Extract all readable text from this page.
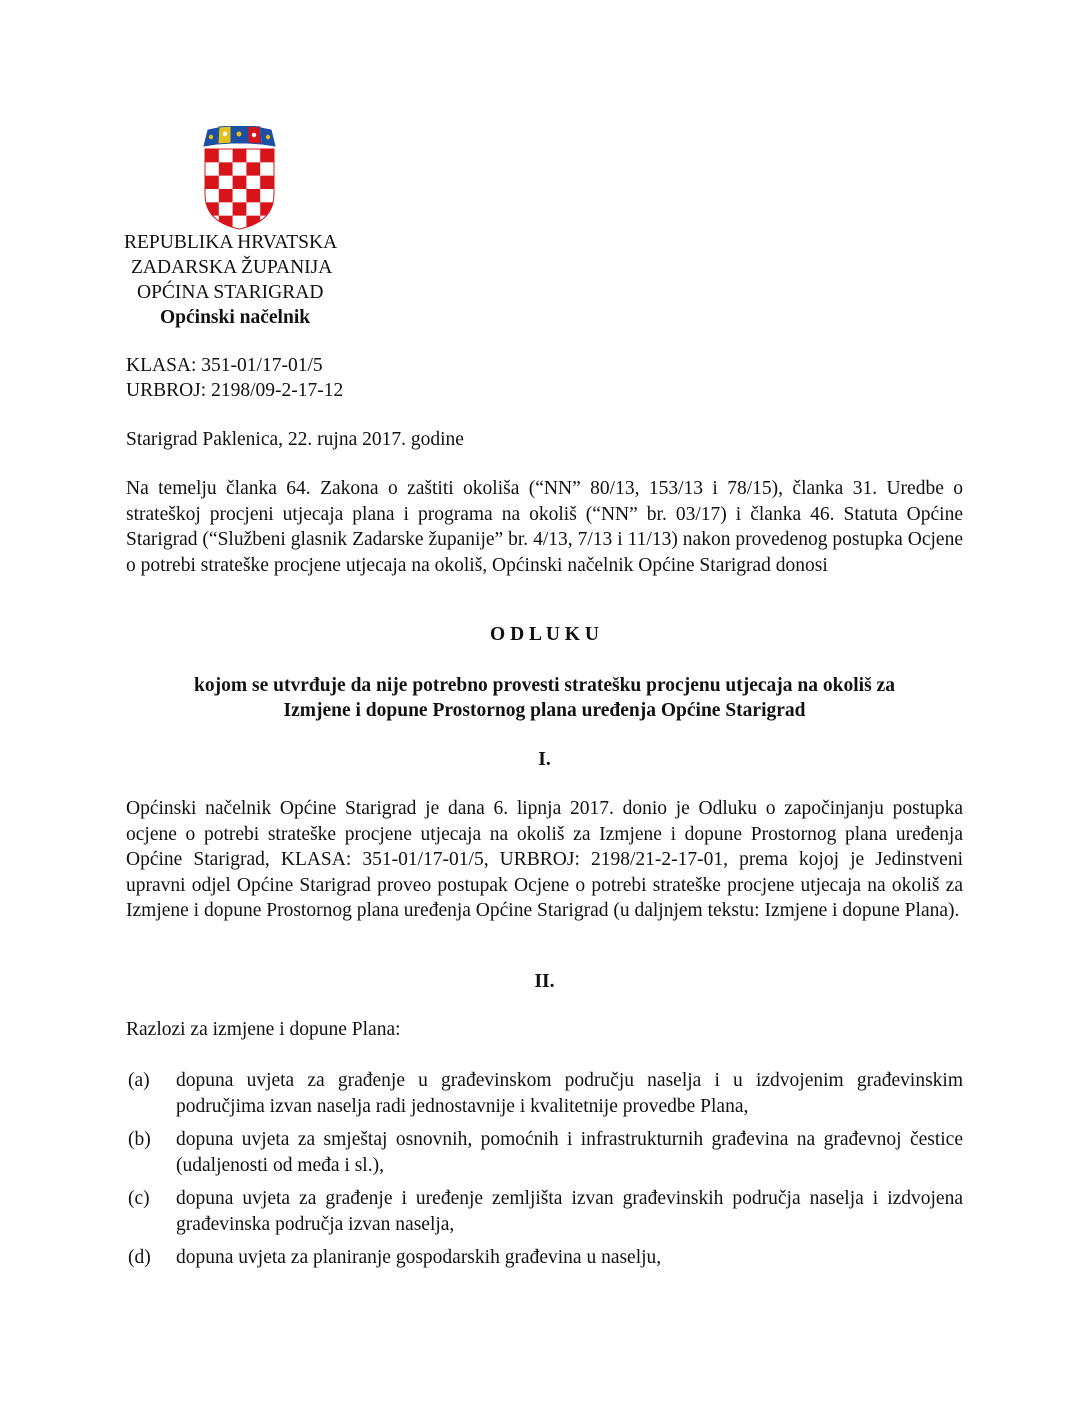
REPUBLIKA HRVATSKA
ZADARSKA ŽUPANIJA
OPĆINA STARIGRAD
Općinski načelnik
KLASA: 351-01/17-01/5
URBROJ: 2198/09-2-17-12
Starigrad Paklenica, 22. rujna 2017. godine
Na temelju članka 64. Zakona o zaštiti okoliša (“NN” 80/13, 153/13 i 78/15), članka 31. Uredbe o strateškoj procjeni utjecaja plana i programa na okoliš (“NN” br. 03/17) i članka 46. Statuta Općine Starigrad (“Službeni glasnik Zadarske županije” br. 4/13, 7/13 i 11/13) nakon provedenog postupka Ocjene o potrebi strateške procjene utjecaja na okoliš, Općinski načelnik Općine Starigrad donosi
O D L U K U
kojom se utvrđuje da nije potrebno provesti stratešku procjenu utjecaja na okoliš za
Izmjene i dopune Prostornog plana uređenja Općine Starigrad
I.
Općinski načelnik Općine Starigrad je dana 6. lipnja 2017. donio je Odluku o započinjanju postupka ocjene o potrebi strateške procjene utjecaja na okoliš za Izmjene i dopune Prostornog plana uređenja Općine Starigrad, KLASA: 351-01/17-01/5, URBROJ: 2198/21-2-17-01, prema kojoj je Jedinstveni upravni odjel Općine Starigrad proveo postupak Ocjene o potrebi strateške procjene utjecaja na okoliš za Izmjene i dopune Prostornog plana uređenja Općine Starigrad (u daljnjem tekstu: Izmjene i dopune Plana).
II.
Razlozi za izmjene i dopune Plana:
(a) dopuna uvjeta za građenje u građevinskom području naselja i u izdvojenim građevinskim područjima izvan naselja radi jednostavnije i kvalitetnije provedbe Plana,
(b) dopuna uvjeta za smještaj osnovnih, pomoćnih i infrastrukturnih građevina na građevnoj čestice (udaljenosti od međa i sl.),
(c) dopuna uvjeta za građenje i uređenje zemljišta izvan građevinskih područja naselja i izdvojena građevinska područja izvan naselja,
(d) dopuna uvjeta za planiranje gospodarskih građevina u naselju,
